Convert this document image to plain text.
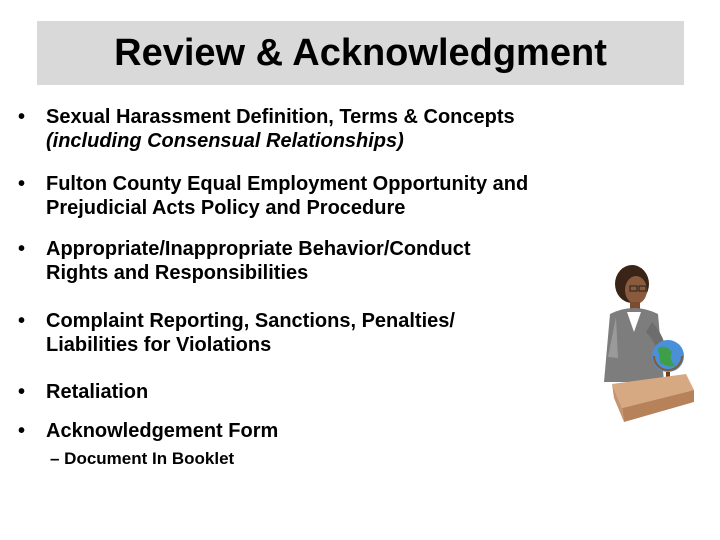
Review & Acknowledgment
•	Sexual Harassment Definition, Terms & Concepts
(including Consensual Relationships)
•	Fulton County Equal Employment Opportunity and
Prejudicial Acts Policy and Procedure
•	Appropriate/Inappropriate Behavior/Conduct
Rights and Responsibilities
•	Complaint Reporting, Sanctions, Penalties/
Liabilities for Violations
•	Retaliation
•	Acknowledgement Form
– Document In Booklet
